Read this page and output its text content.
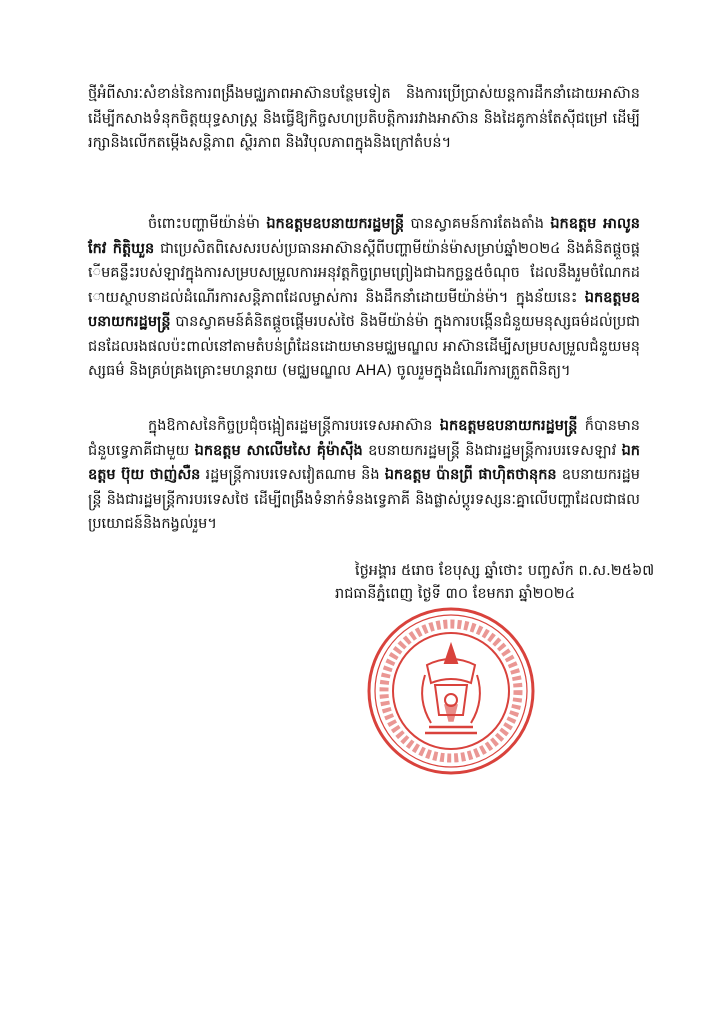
ថ្មីអំពីសារៈសំខាន់នៃការពង្រឹងមជ្ឈភាពអាស៊ានបន្ថែមទៀត និងការប្រើប្រាស់យន្តការដឹកនាំដោយអាស៊ាន ដើម្បីកសាងទំនុកចិត្តយុទ្ធសាស្ត្រ និងធ្វើឱ្យកិច្ចសហប្រតិបត្តិការរវាងអាស៊ាន និងដៃគូកាន់តែស៊ីជម្រៅ ដើម្បីរក្សានិងលើកតម្កើងសន្តិភាព ស្ថិរភាព និងវិបុលភាពក្នុងនិងក្រៅតំបន់។

ចំពោះបញ្ហាមីយ៉ាន់ម៉ា ឯកឧត្តមឧបនាយករដ្ឋមន្ត្រី បានស្វាគមន៍ការតែងតាំង ឯកឧត្តម អាលូនកែវ កិត្តិឃួន ជាប្រេសិតពិសេសរបស់ប្រធានអាស៊ានស្តីពីបញ្ហាមីយ៉ាន់ម៉ាសម្រាប់ឆ្នាំ២០២៤ និងគំនិតផ្តួចផ្តើមគន្លឹះរបស់ឡាវក្នុងការសម្របសម្រួលការអនុវត្តកិច្ចព្រមព្រៀងជាឯកច្ឆន្ទ៥ចំណុច ដែលនឹងរួមចំណែកដោយស្ថាបនាដល់ដំណើរការសន្តិភាពដែលម្ចាស់ការ និងដឹកនាំដោយមីយ៉ាន់ម៉ា។ ក្នុងន័យនេះ ឯកឧត្តមឧបនាយករដ្ឋមន្ត្រី បានស្វាគមន៍គំនិតផ្តួចផ្តើមរបស់ថៃ និងមីយ៉ាន់ម៉ា ក្នុងការបង្កើនជំនួយមនុស្សធម៌ដល់ប្រជាជនដែលរងផលប៉ះពាល់នៅតាមតំបន់ព្រំដែនដោយមានមជ្ឈមណ្ឌល អាស៊ានដើម្បីសម្របសម្រួលជំនួយមនុស្សធម៌ និងគ្រប់គ្រងគ្រោះមហន្តរាយ (មជ្ឈមណ្ឌល AHA) ចូលរួមក្នុងដំណើរការត្រួតពិនិត្យ។

ក្នុងឱកាសនៃកិច្ចប្រជុំចង្អៀតរដ្ឋមន្ត្រីការបរទេសអាស៊ាន ឯកឧត្តមឧបនាយករដ្ឋមន្ត្រី ក៏បានមានជំនួបទ្វេភាគីជាមួយ ឯកឧត្តម សាលើមសៃ គុំម៉ាស៊ីង ឧបនាយករដ្ឋមន្ត្រី និងជារដ្ឋមន្ត្រីការបរទេសឡាវ ឯកឧត្តម ប៊ុយ ថាញ់សឺន រដ្ឋមន្ត្រីការបរទេសវៀតណាម និង ឯកឧត្តម ប៉ានព្រី ផាហ៊ិតថានុកន ឧបនាយករដ្ឋមន្ត្រី និងជារដ្ឋមន្ត្រីការបរទេសថៃ ដើម្បីពង្រឹងទំនាក់ទំនងទ្វេភាគី និងផ្លាស់ប្តូរទស្សនៈគ្នាលើបញ្ហាដែលជាផលប្រយោជន៍និងកង្វល់រួម។

ថ្ងៃអង្គារ ៥រោច ខែបុស្ស ឆ្នាំថោះ បញ្ចស័ក ព.ស.២៥៦៧
រាជធានីភ្នំពេញ ថ្ងៃទី ៣០ ខែមករា ឆ្នាំ២០២៤
